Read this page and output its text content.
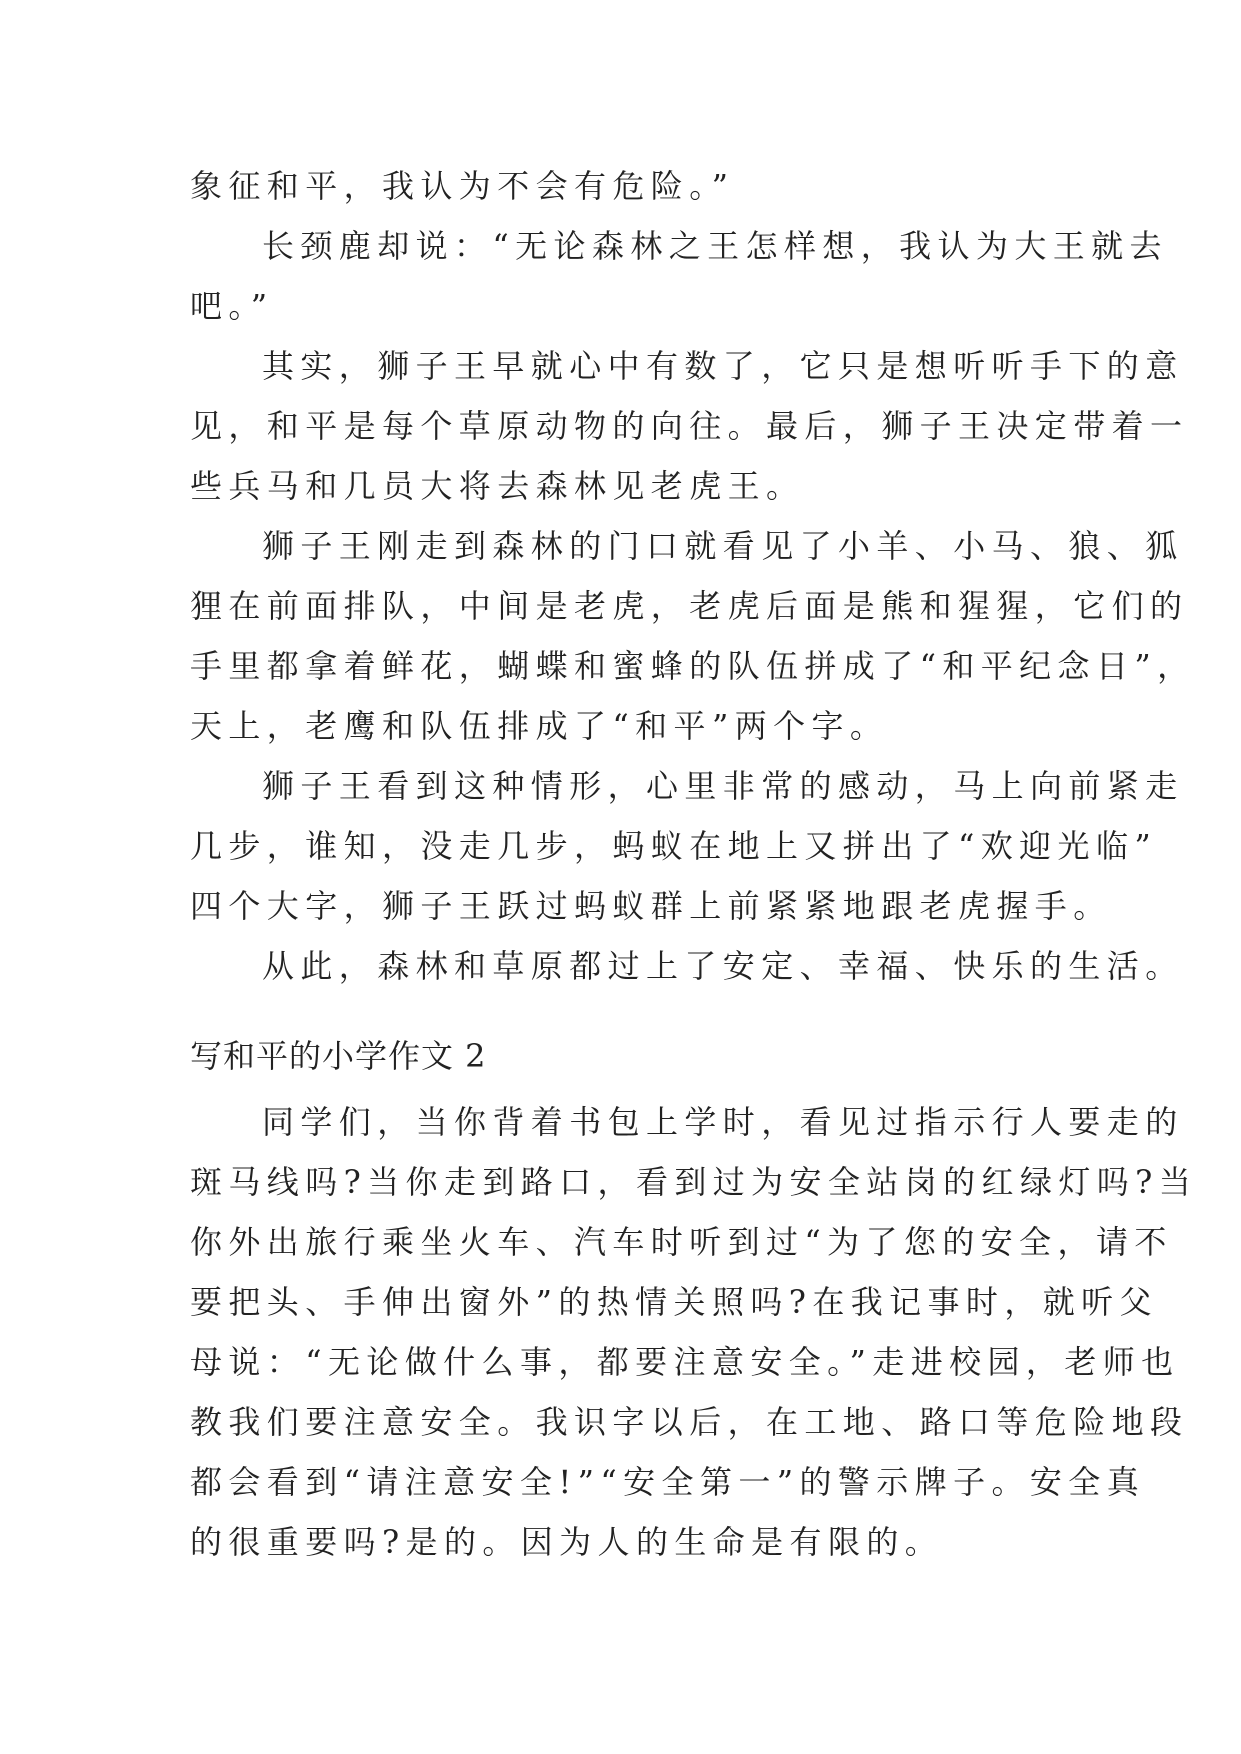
象征和平，我认为不会有危险。”
长颈鹿却说：“无论森林之王怎样想，我认为大王就去
吧。”
其实，狮子王早就心中有数了，它只是想听听手下的意
见，和平是每个草原动物的向往。最后，狮子王决定带着一
些兵马和几员大将去森林见老虎王。
狮子王刚走到森林的门口就看见了小羊、小马、狼、狐
狸在前面排队，中间是老虎，老虎后面是熊和猩猩，它们的
手里都拿着鲜花，蝴蝶和蜜蜂的队伍拼成了“和平纪念日”，
天上，老鹰和队伍排成了“和平”两个字。
狮子王看到这种情形，心里非常的感动，马上向前紧走
几步，谁知，没走几步，蚂蚁在地上又拼出了“欢迎光临”
四个大字，狮子王跃过蚂蚁群上前紧紧地跟老虎握手。
从此，森林和草原都过上了安定、幸福、快乐的生活。
写和平的小学作文 2
同学们，当你背着书包上学时，看见过指示行人要走的
斑马线吗?当你走到路口，看到过为安全站岗的红绿灯吗?当
你外出旅行乘坐火车、汽车时听到过“为了您的安全，请不
要把头、手伸出窗外”的热情关照吗?在我记事时，就听父
母说：“无论做什么事，都要注意安全。”走进校园，老师也
教我们要注意安全。我识字以后，在工地、路口等危险地段
都会看到“请注意安全!”“安全第一”的警示牌子。安全真
的很重要吗?是的。因为人的生命是有限的。
